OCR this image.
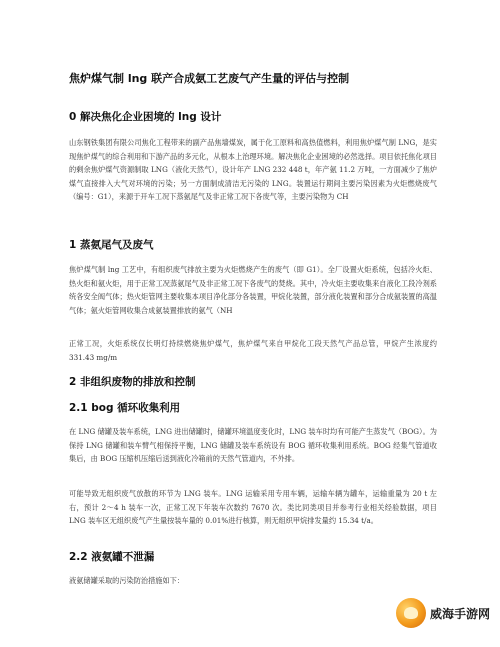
焦炉煤气制 lng 联产合成氨工艺废气产生量的评估与控制
0 解决焦化企业困境的 lng 设计
山东钢铁集团有限公司焦化工程带来的副产品焦墙煤炭，属于化工原料和高热值燃料，利用焦炉煤气制 LNG，是实现焦炉煤气的综合利用和下游产品的多元化，从根本上治理环境。解决焦化企业困境的必然选择。项目依托焦化项目的剩余焦炉煤气资源制取 LNG（液化天然气），设计年产 LNG 232 448 t，年产氨 11.2 万吨，一方面减少了焦炉煤气直接排入大气对环境的污染；另一方面制成清洁无污染的 LNG。装置运行期间主要污染因素为火炬燃烧废气（编号：G1），来源于开车工况下蒸氨尾气及非正常工况下各废气等，主要污染物为 CH
1 蒸氨尾气及废气
焦炉煤气制 lng 工艺中，有组织废气排放主要为火炬燃烧产生的废气（即 G1）。全厂设置火炬系统，包括冷火炬、热火炬和氨火炬，用于正常工况蒸氨尾气及非正常工况下各废气的焚烧。其中，冷火炬主要收集来自液化工段冷剂系统各安全阀气体；热火炬管网主要收集本项目净化部分各装置，甲烷化装置，部分液化装置和部分合成氨装置的高温气体；氨火炬管网收集合成氨装置排放的氨气（NH
正常工况，火炬系统仅长明灯持续燃烧焦炉煤气，焦炉煤气来自甲烷化工段天然气产品总管，甲烷产生浓度约 331.43 mg/m
2 非组织废物的排放和控制
2.1 bog 循环收集利用
在 LNG 储罐及装车系统，LNG 进出储罐时，储罐环境温度变化时，LNG 装车时均有可能产生蒸发气（BOG）。为保持 LNG 储罐和装车臂气相保持平衡，LNG 储罐及装车系统设有 BOG 循环收集利用系统。BOG 经集气管道收集后，由 BOG 压缩机压缩后送到液化冷箱前的天然气管道内，不外排。
可能导致无组织废气放散的环节为 LNG 装车。LNG 运输采用专用车辆，运输车辆为罐车，运输重量为 20 t 左右，预计 2～4 h 装车一次，正常工况下年装车次数约 7670 次。类比同类项目并参考行业相关经验数据，项目 LNG 装车区无组织废气产生量按装车量的 0.01%进行核算，则无组织甲烷排发量约 15.34 t/a。
2.2 液氨罐不泄漏
液氨储罐采取的污染防治措施如下：
威海手游网
